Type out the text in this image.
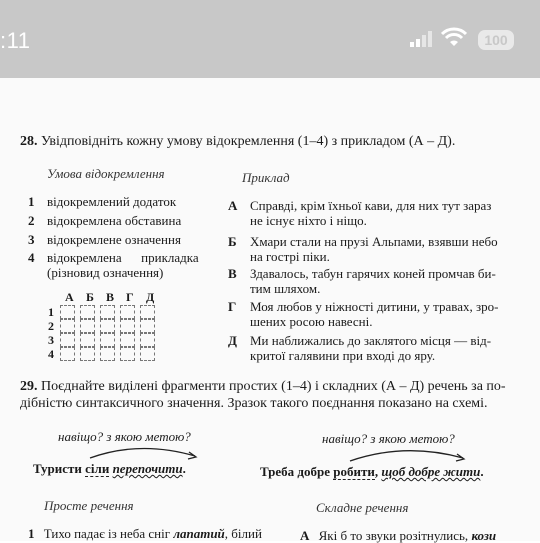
:11	100
28. Увідповідніть кожну умову відокремлення (1–4) з прикладом (А – Д).
Умова відокремлення	Приклад
1 відокремлений додаток
2 відокремлена обставина
3 відокремлене означення
4 відокремлена      прикладка
(різновид означення)
А Справді, крім їхньої кави, для них тут зараз
не існує ніхто і ніщо.
Б Хмари стали на прузі Альпами, взявши небо
на гострі піки.
В Здавалось, табун гарячих коней промчав би-
тим шляхом.
Г Моя любов у ніжності дитини, у травах, зро-
шених росою навесні.
Д Ми наближались до заклятого місця — від-
критої галявини при вході до яру.
А Б В Г Д
1
2
3
4
29. Поєднайте виділені фрагменти простих (1–4) і складних (А – Д) речень за по-
дібністю синтаксичного значення. Зразок такого поєднання показано на схемі.
навіщо? з якою метою?
Туристи сіли перепочити.
навіщо? з якою метою?
Треба добре робити, щоб добре жити.
Просте речення	Складне речення
1 Тихо падає із неба сніг лапатий, білий	А Які б то звуки розітнулись, кози
